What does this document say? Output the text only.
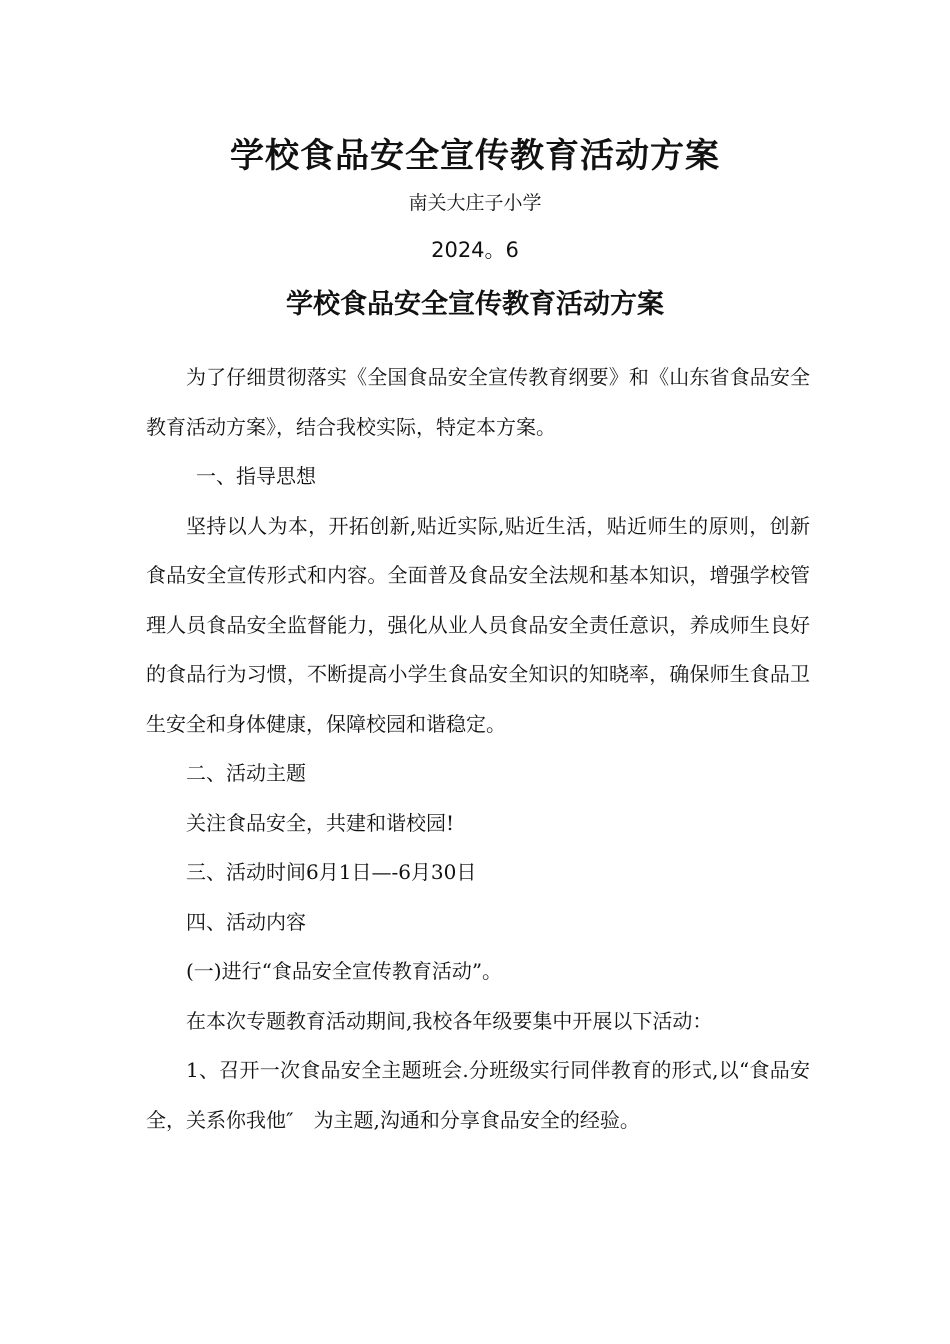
学校食品安全宣传教育活动方案
南关大庄子小学
2024。6
学校食品安全宣传教育活动方案

为了仔细贯彻落实《全国食品安全宣传教育纲要》和《山东省食品安全教育活动方案》，结合我校实际，特定本方案。

一、指导思想

坚持以人为本，开拓创新,贴近实际,贴近生活，贴近师生的原则，创新食品安全宣传形式和内容。全面普及食品安全法规和基本知识，增强学校管理人员食品安全监督能力，强化从业人员食品安全责任意识，养成师生良好的食品行为习惯，不断提高小学生食品安全知识的知晓率，确保师生食品卫生安全和身体健康，保障校园和谐稳定。

二、活动主题

关注食品安全，共建和谐校园!

三、活动时间6月1日—-6月30日

四、活动内容

(一)进行“食品安全宣传教育活动”。

在本次专题教育活动期间,我校各年级要集中开展以下活动：

1、召开一次食品安全主题班会.分班级实行同伴教育的形式,以“食品安全，关系你我他″　为主题,沟通和分享食品安全的经验。
